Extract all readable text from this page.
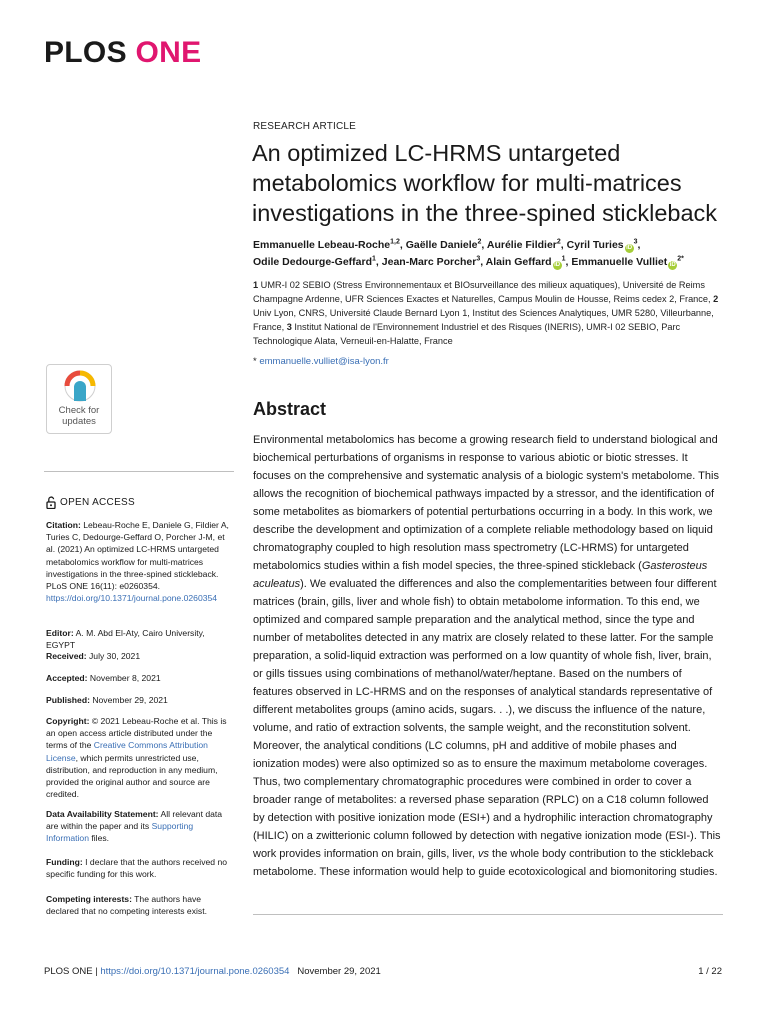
PLOS ONE
RESEARCH ARTICLE
An optimized LC-HRMS untargeted metabolomics workflow for multi-matrices investigations in the three-spined stickleback
Emmanuelle Lebeau-Roche$^{1,2}$, Gaëlle Daniele$^2$, Aurélie Fildier$^2$, Cyril Turies $iD^3$,
Odile Dedourge-Geffard$^1$, Jean-Marc Porcher$^3$, Alain Geffard $iD^1$, Emmanuelle Vulliet $iD^{2*}$
1 UMR-I 02 SEBIO (Stress Environnementaux et BIOsurveillance des milieux aquatiques), Université de Reims Champagne Ardenne, UFR Sciences Exactes et Naturelles, Campus Moulin de Housse, Reims cedex 2, France, 2 Univ Lyon, CNRS, Université Claude Bernard Lyon 1, Institut des Sciences Analytiques, UMR 5280, Villeurbanne, France, 3 Institut National de l'Environnement Industriel et des Risques (INERIS), UMR-I 02 SEBIO, Parc Technologique Alata, Verneuil-en-Halatte, France
* emmanuelle.vulliet@isa-lyon.fr
Check for updates
Abstract
Environmental metabolomics has become a growing research field to understand biological and biochemical perturbations of organisms in response to various abiotic or biotic stresses. It focuses on the comprehensive and systematic analysis of a biologic system's metabolome. This allows the recognition of biochemical pathways impacted by a stressor, and the identification of some metabolites as biomarkers of potential perturbations occurring in a body. In this work, we describe the development and optimization of a complete reliable methodology based on liquid chromatography coupled to high resolution mass spectrometry (LC-HRMS) for untargeted metabolomics studies within a fish model species, the three-spined stickleback (Gasterosteus aculeatus). We evaluated the differences and also the complementarities between four different matrices (brain, gills, liver and whole fish) to obtain metabolome information. To this end, we optimized and compared sample preparation and the analytical method, since the type and number of metabolites detected in any matrix are closely related to these latter. For the sample preparation, a solid-liquid extraction was performed on a low quantity of whole fish, liver, brain, or gills tissues using combinations of methanol/water/heptane. Based on the numbers of features observed in LC-HRMS and on the responses of analytical standards representative of different metabolites groups (amino acids, sugars. . .), we discuss the influence of the nature, volume, and ratio of extraction solvents, the sample weight, and the reconstitution solvent. Moreover, the analytical conditions (LC columns, pH and additive of mobile phases and ionization modes) were also optimized so as to ensure the maximum metabolome coverages. Thus, two complementary chromatographic procedures were combined in order to cover a broader range of metabolites: a reversed phase separation (RPLC) on a C18 column followed by detection with positive ionization mode (ESI+) and a hydrophilic interaction chromatography (HILIC) on a zwitterionic column followed by detection with negative ionization mode (ESI-). This work provides information on brain, gills, liver, vs the whole body contribution to the stickleback metabolome. These information would help to guide ecotoxicological and biomonitoring studies.
OPEN ACCESS
Citation: Lebeau-Roche E, Daniele G, Fildier A, Turies C, Dedourge-Geffard O, Porcher J-M, et al. (2021) An optimized LC-HRMS untargeted metabolomics workflow for multi-matrices investigations in the three-spined stickleback. PLoS ONE 16(11): e0260354. https://doi.org/10.1371/journal.pone.0260354
Editor: A. M. Abd El-Aty, Cairo University, EGYPT
Received: July 30, 2021
Accepted: November 8, 2021
Published: November 29, 2021
Copyright: © 2021 Lebeau-Roche et al. This is an open access article distributed under the terms of the Creative Commons Attribution License, which permits unrestricted use, distribution, and reproduction in any medium, provided the original author and source are credited.
Data Availability Statement: All relevant data are within the paper and its Supporting Information files.
Funding: I declare that the authors received no specific funding for this work.
Competing interests: The authors have declared that no competing interests exist.
PLOS ONE | https://doi.org/10.1371/journal.pone.0260354   November 29, 2021	1 / 22
